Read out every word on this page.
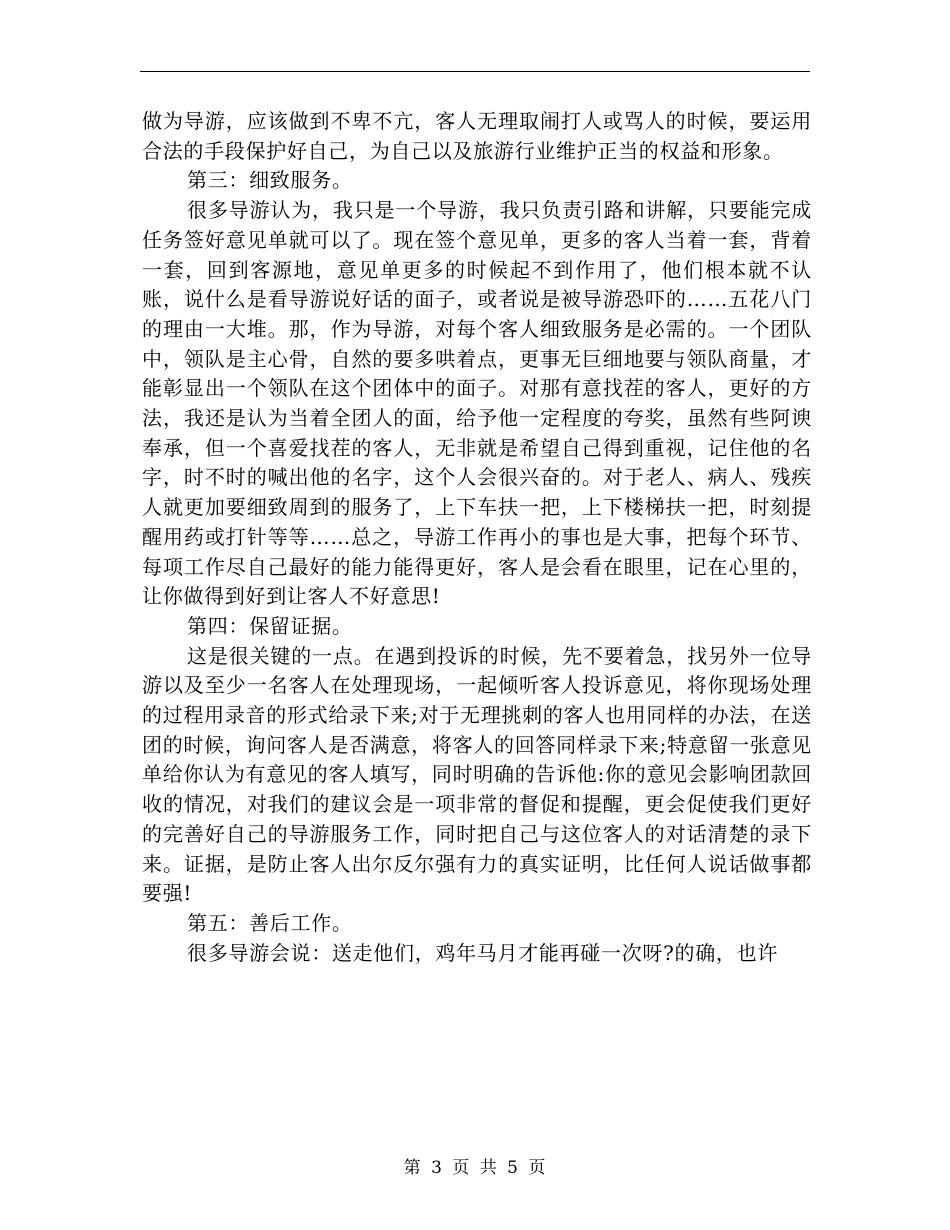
做为导游，应该做到不卑不亢，客人无理取闹打人或骂人的时候，要运用合法的手段保护好自己，为自己以及旅游行业维护正当的权益和形象。

第三：细致服务。

很多导游认为，我只是一个导游，我只负责引路和讲解，只要能完成任务签好意见单就可以了。现在签个意见单，更多的客人当着一套，背着一套，回到客源地，意见单更多的时候起不到作用了，他们根本就不认账，说什么是看导游说好话的面子，或者说是被导游恐吓的……五花八门的理由一大堆。那，作为导游，对每个客人细致服务是必需的。一个团队中，领队是主心骨，自然的要多哄着点，更事无巨细地要与领队商量，才能彰显出一个领队在这个团体中的面子。对那有意找茬的客人，更好的方法，我还是认为当着全团人的面，给予他一定程度的夸奖，虽然有些阿谀奉承，但一个喜爱找茬的客人，无非就是希望自己得到重视，记住他的名字，时不时的喊出他的名字，这个人会很兴奋的。对于老人、病人、残疾人就更加要细致周到的服务了，上下车扶一把，上下楼梯扶一把，时刻提醒用药或打针等等……总之，导游工作再小的事也是大事，把每个环节、每项工作尽自己最好的能力能得更好，客人是会看在眼里，记在心里的，让你做得到好到让客人不好意思!

第四：保留证据。

这是很关键的一点。在遇到投诉的时候，先不要着急，找另外一位导游以及至少一名客人在处理现场，一起倾听客人投诉意见，将你现场处理的过程用录音的形式给录下来;对于无理挑刺的客人也用同样的办法，在送团的时候，询问客人是否满意，将客人的回答同样录下来;特意留一张意见单给你认为有意见的客人填写，同时明确的告诉他:你的意见会影响团款回收的情况，对我们的建议会是一项非常的督促和提醒，更会促使我们更好的完善好自己的导游服务工作，同时把自己与这位客人的对话清楚的录下来。证据，是防止客人出尔反尔强有力的真实证明，比任何人说话做事都要强!

第五：善后工作。

很多导游会说：送走他们，鸡年马月才能再碰一次呀?的确，也许

第 3 页 共 5 页
